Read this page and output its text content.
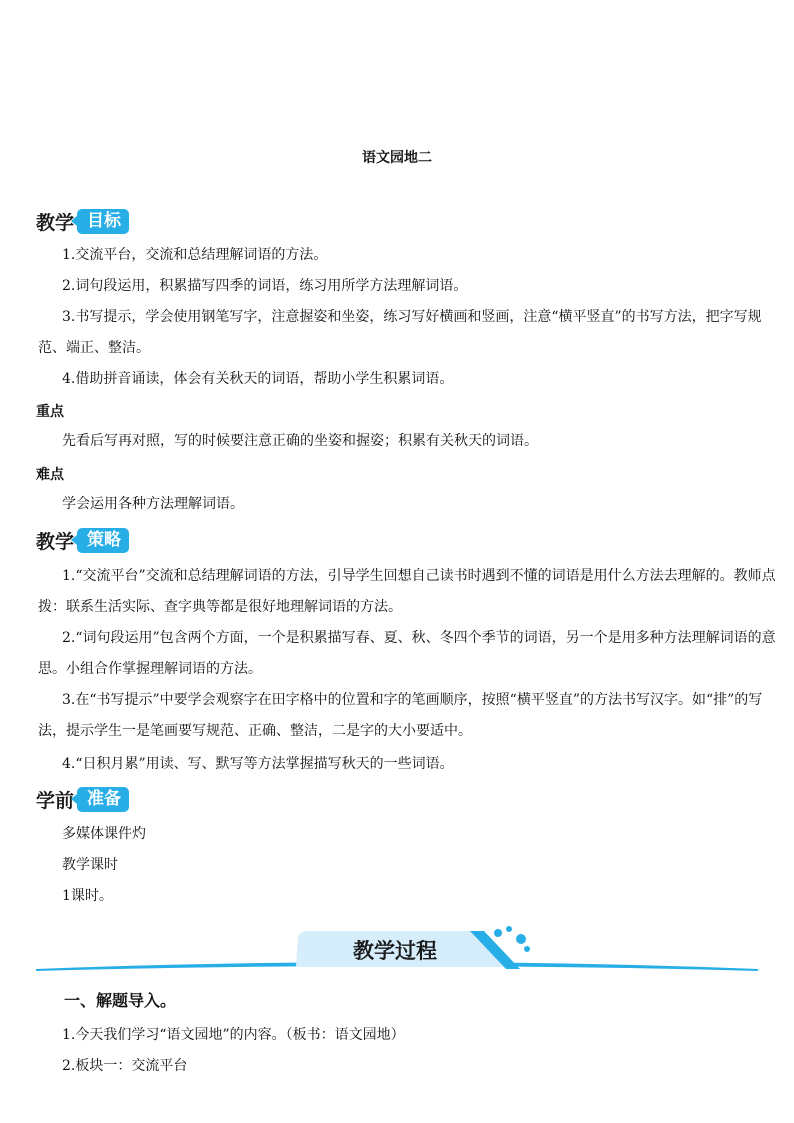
语文园地二
教学 目标
1.交流平台，交流和总结理解词语的方法。
2.词句段运用，积累描写四季的词语，练习用所学方法理解词语。
3.书写提示，学会使用钢笔写字，注意握姿和坐姿，练习写好横画和竖画，注意“横平竖直”的书写方法，把字写规范、端正、整洁。
4.借助拼音诵读，体会有关秋天的词语，帮助小学生积累词语。
重点
先看后写再对照，写的时候要注意正确的坐姿和握姿；积累有关秋天的词语。
难点
学会运用各种方法理解词语。
教学 策略
1.“交流平台”交流和总结理解词语的方法，引导学生回想自己读书时遇到不懂的词语是用什么方法去理解的。教师点拨：联系生活实际、查字典等都是很好地理解词语的方法。
2.“词句段运用”包含两个方面，一个是积累描写春、夏、秋、冬四个季节的词语，另一个是用多种方法理解词语的意思。小组合作掌握理解词语的方法。
3.在“书写提示”中要学会观察字在田字格中的位置和字的笔画顺序，按照“横平竖直”的方法书写汉字。如“排”的写法，提示学生一是笔画要写规范、正确、整洁，二是字的大小要适中。
4.“日积月累”用读、写、默写等方法掌握描写秋天的一些词语。
学前 准备
多媒体课件灼
教学课时
1课时。
教学过程
一、解题导入。
1.今天我们学习“语文园地”的内容。（板书：语文园地）
2.板块一：交流平台
